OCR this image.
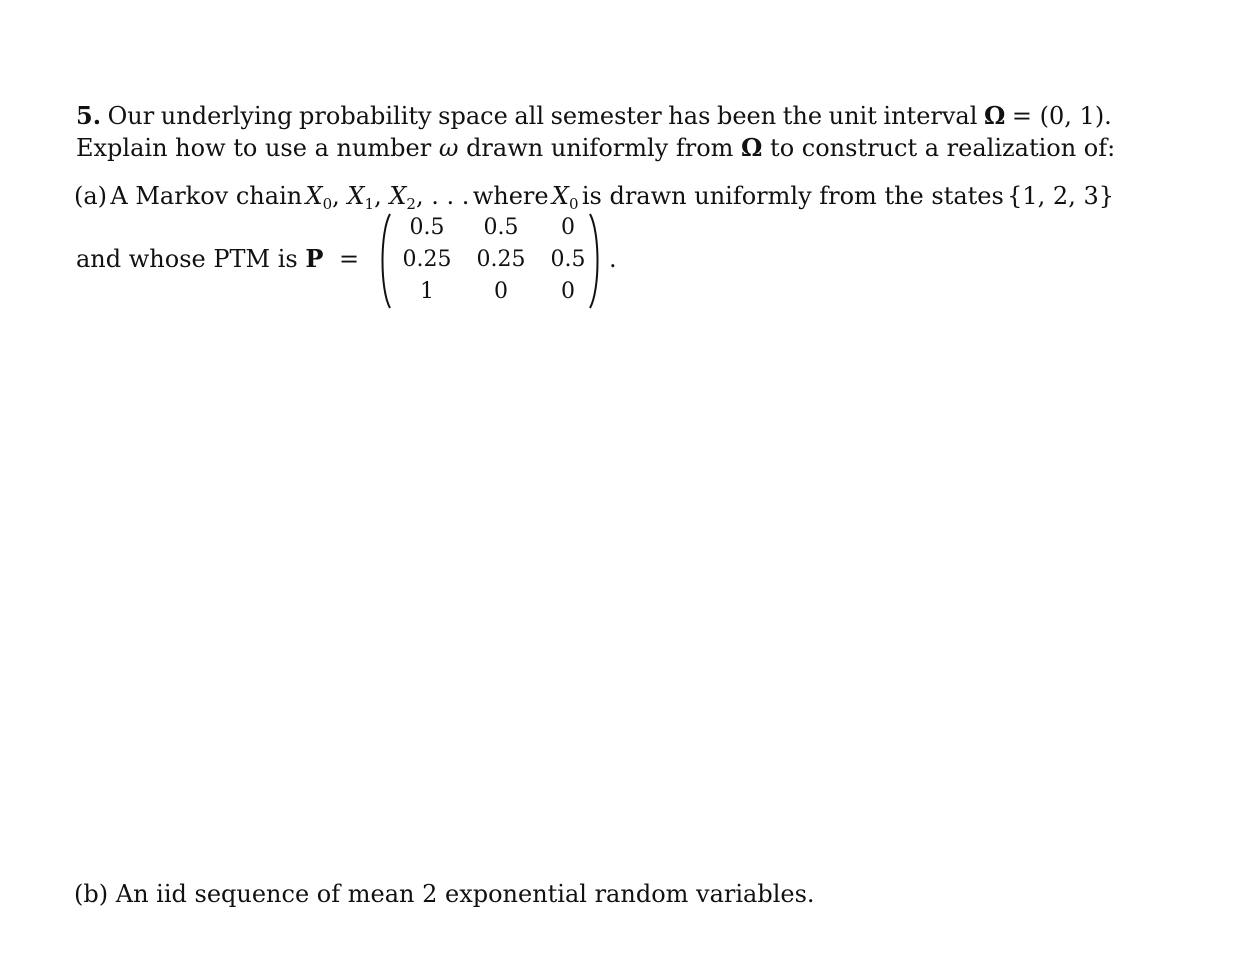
5. Our underlying probability space all semester has been the unit interval Ω = (0, 1).
Explain how to use a number ω drawn uniformly from Ω to construct a realization of:
(a) A Markov chain $X_0$, $X_1$, $X_2$, . . . where $X_0$ is drawn uniformly from the states {1, 2, 3}
and whose PTM is P =
0.5	0.5	0
0.25 0.25	0.5
1	0	0
.
(b) An iid sequence of mean 2 exponential random variables.
